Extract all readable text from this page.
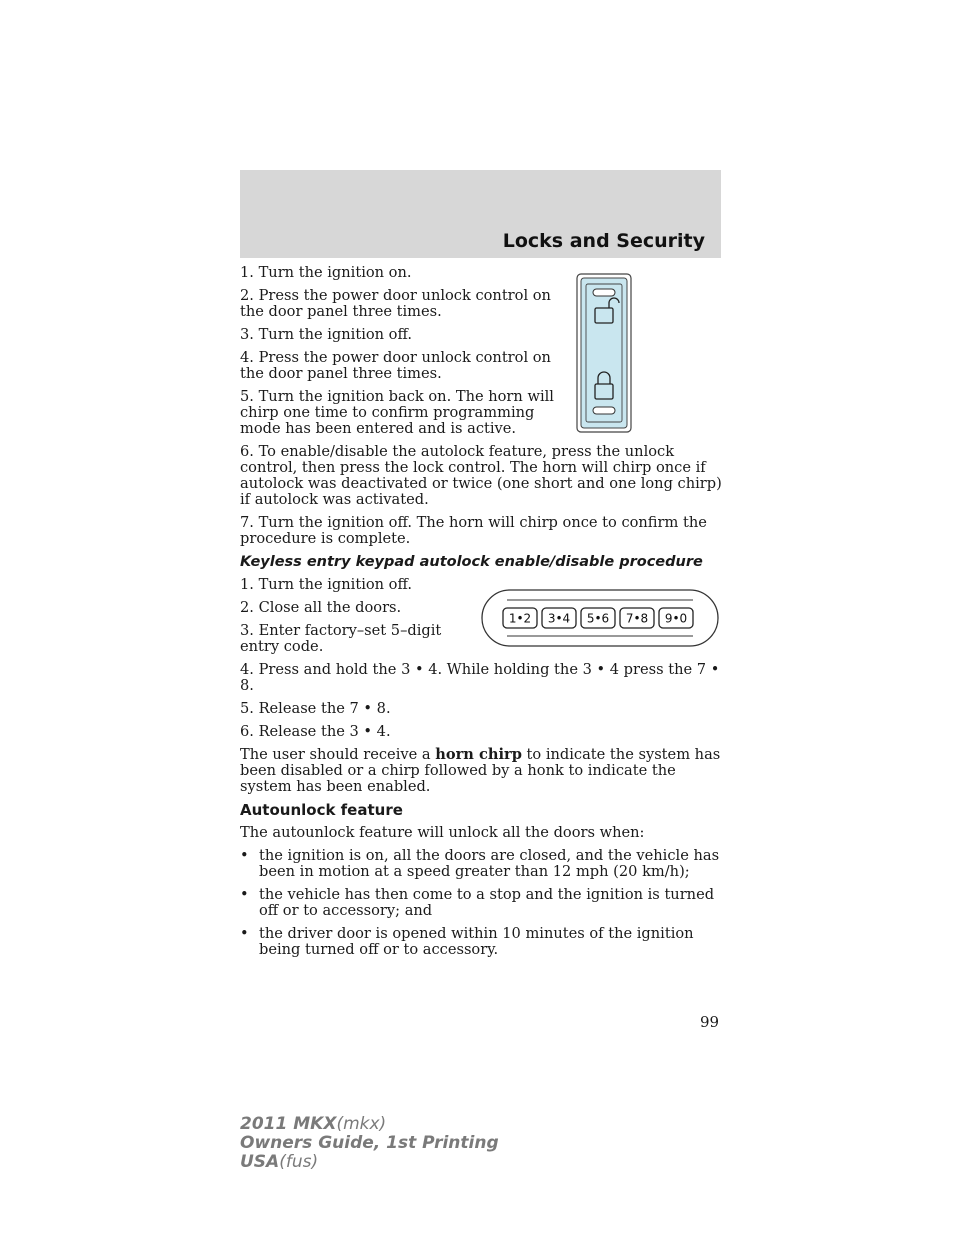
Locks and Security

1. Turn the ignition on.

2. Press the power door unlock control on the door panel three times.

3. Turn the ignition off.

4. Press the power door unlock control on the door panel three times.

5. Turn the ignition back on. The horn will chirp one time to confirm programming mode has been entered and is active.

6. To enable/disable the autolock feature, press the unlock control, then press the lock control. The horn will chirp once if autolock was deactivated or twice (one short and one long chirp) if autolock was activated.

7. Turn the ignition off. The horn will chirp once to confirm the procedure is complete.

Keyless entry keypad autolock enable/disable procedure

1•2 3•4 5•6 7•8 9•0

1. Turn the ignition off.

2. Close all the doors.

3. Enter factory–set 5–digit entry code.

4. Press and hold the 3 • 4. While holding the 3 • 4 press the 7 • 8.

5. Release the 7 • 8.

6. Release the 3 • 4.

The user should receive a horn chirp to indicate the system has been disabled or a chirp followed by a honk to indicate the system has been enabled.

Autounlock feature

The autounlock feature will unlock all the doors when:

• the ignition is on, all the doors are closed, and the vehicle has been in motion at a speed greater than 12 mph (20 km/h);
• the vehicle has then come to a stop and the ignition is turned off or to accessory; and
• the driver door is opened within 10 minutes of the ignition being turned off or to accessory.
99
2011 MKX(mkx)
Owners Guide, 1st Printing
USA(fus)
